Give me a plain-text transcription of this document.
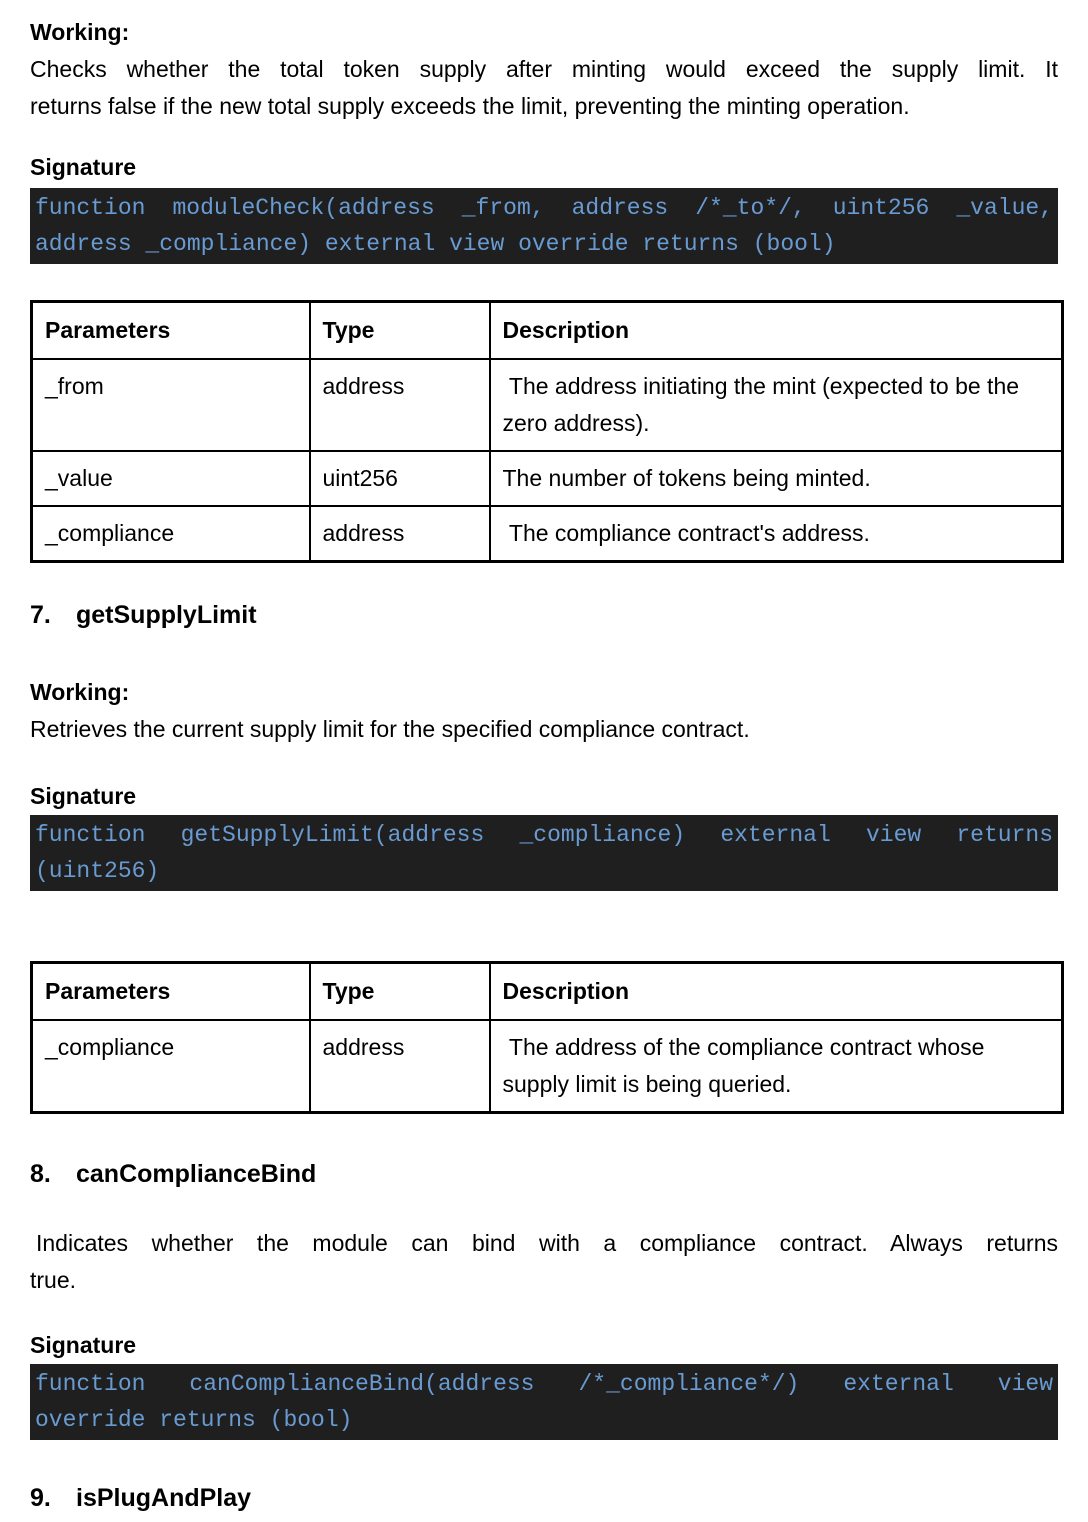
Working:

Checks whether the total token supply after minting would exceed the supply limit. It
returns false if the new total supply exceeds the limit, preventing the minting operation.

Signature

function moduleCheck(address _from, address /*_to*/, uint256 _value,
address _compliance) external view override returns (bool)
Parameters	Type	Description
_from	address	The address initiating the mint (expected to be the zero address).
_value	uint256	The number of tokens being minted.
_compliance	address	The compliance contract's address.
7.	getSupplyLimit

Working:

Retrieves the current supply limit for the specified compliance contract.

Signature

function getSupplyLimit(address _compliance) external view returns
(uint256)
Parameters	Type	Description
_compliance	address	The address of the compliance contract whose supply limit is being queried.
8.	canComplianceBind
Indicates whether the module can bind with a compliance contract. Always returns
true.

Signature

function canComplianceBind(address /*_compliance*/) external view
override returns (bool)
9.	isPlugAndPlay
